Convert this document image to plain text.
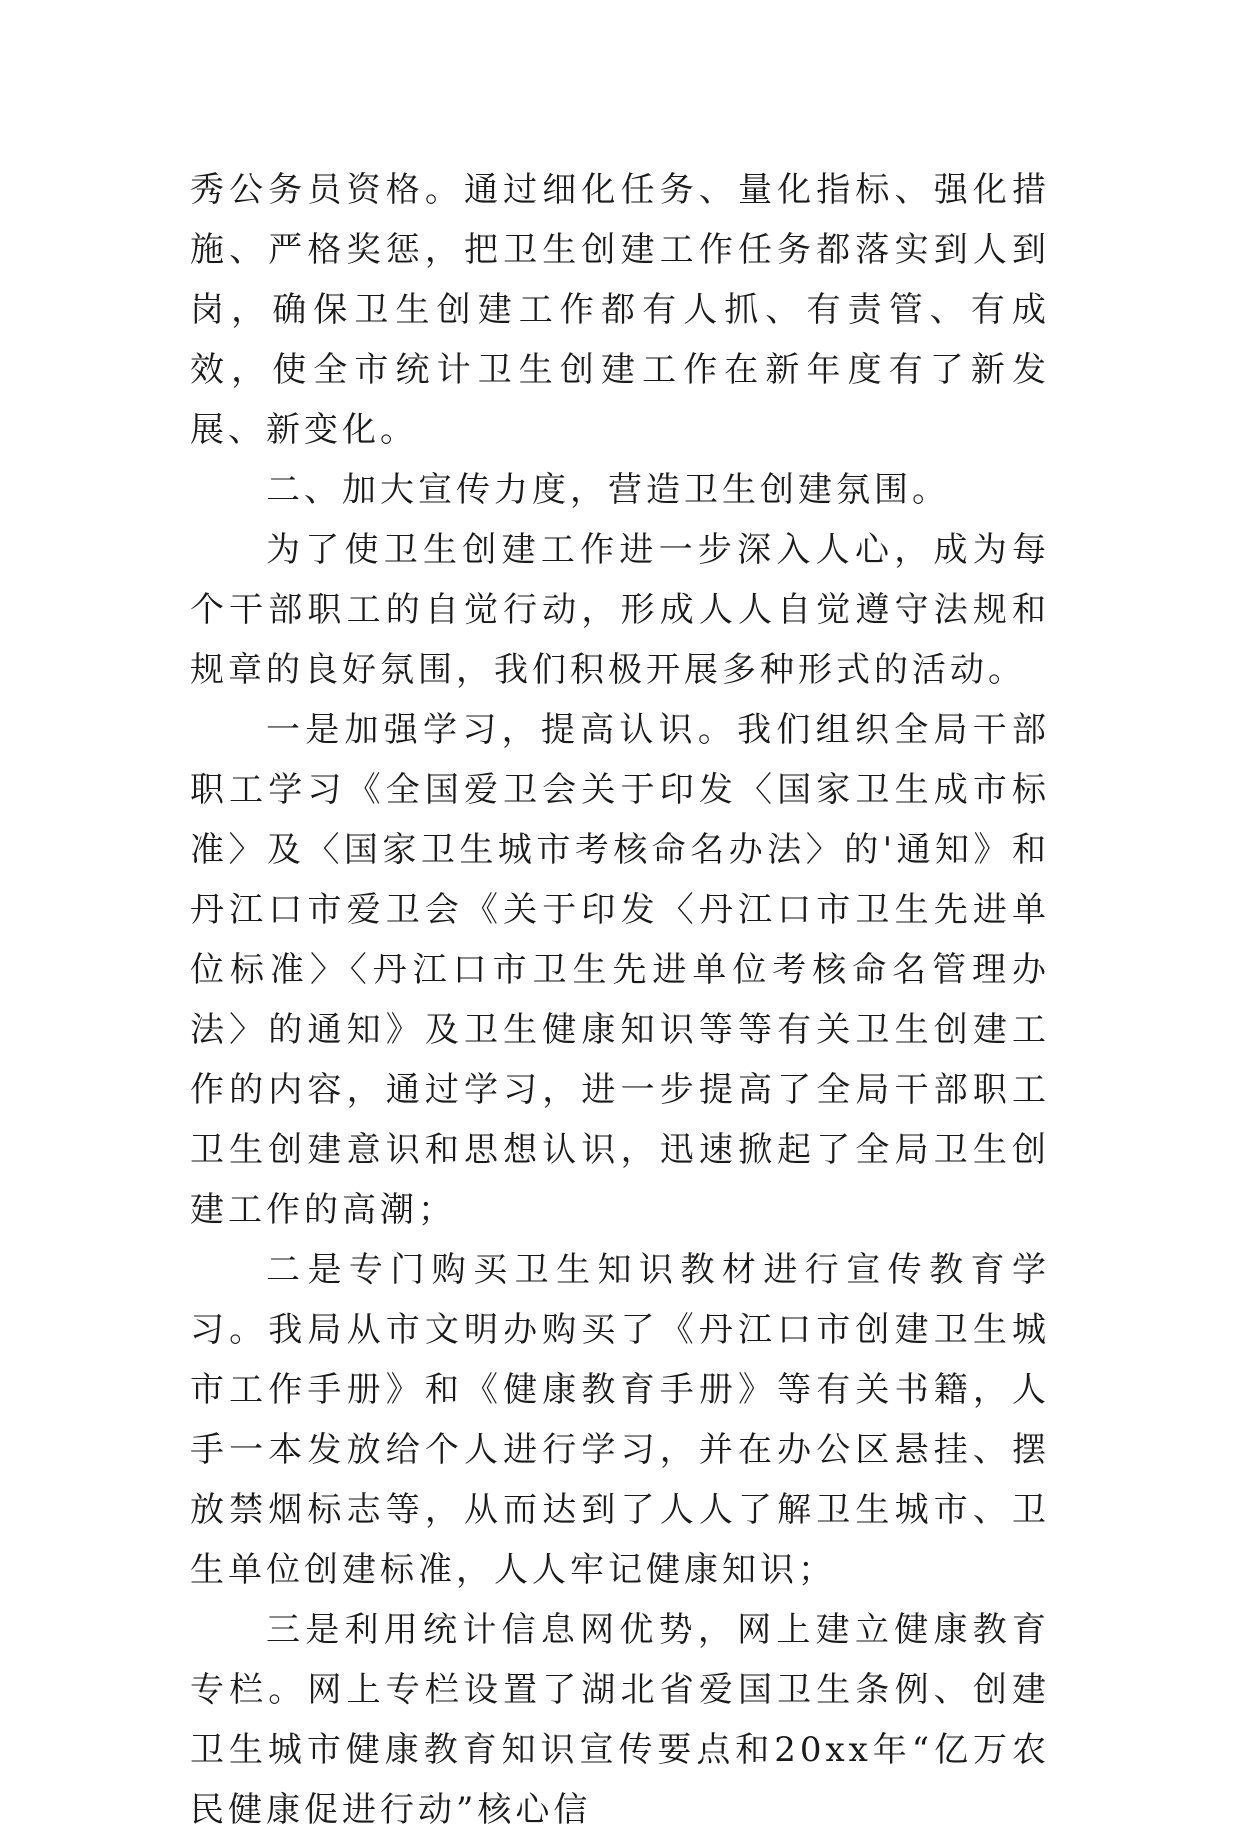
秀公务员资格。通过细化任务、量化指标、强化措施、严格奖惩，把卫生创建工作任务都落实到人到岗，确保卫生创建工作都有人抓、有责管、有成效，使全市统计卫生创建工作在新年度有了新发展、新变化。

二、加大宣传力度，营造卫生创建氛围。

为了使卫生创建工作进一步深入人心，成为每个干部职工的自觉行动，形成人人自觉遵守法规和规章的良好氛围，我们积极开展多种形式的活动。

一是加强学习，提高认识。我们组织全局干部职工学习《全国爱卫会关于印发〈国家卫生成市标准〉及〈国家卫生城市考核命名办法〉的'通知》和丹江口市爱卫会《关于印发〈丹江口市卫生先进单位标准〉〈丹江口市卫生先进单位考核命名管理办法〉的通知》及卫生健康知识等等有关卫生创建工作的内容，通过学习，进一步提高了全局干部职工卫生创建意识和思想认识，迅速掀起了全局卫生创建工作的高潮；

二是专门购买卫生知识教材进行宣传教育学习。我局从市文明办购买了《丹江口市创建卫生城市工作手册》和《健康教育手册》等有关书籍，人手一本发放给个人进行学习，并在办公区悬挂、摆放禁烟标志等，从而达到了人人了解卫生城市、卫生单位创建标准，人人牢记健康知识；

三是利用统计信息网优势，网上建立健康教育专栏。网上专栏设置了湖北省爱国卫生条例、创建卫生城市健康教育知识宣传要点和20xx年“亿万农民健康促进行动”核心信
